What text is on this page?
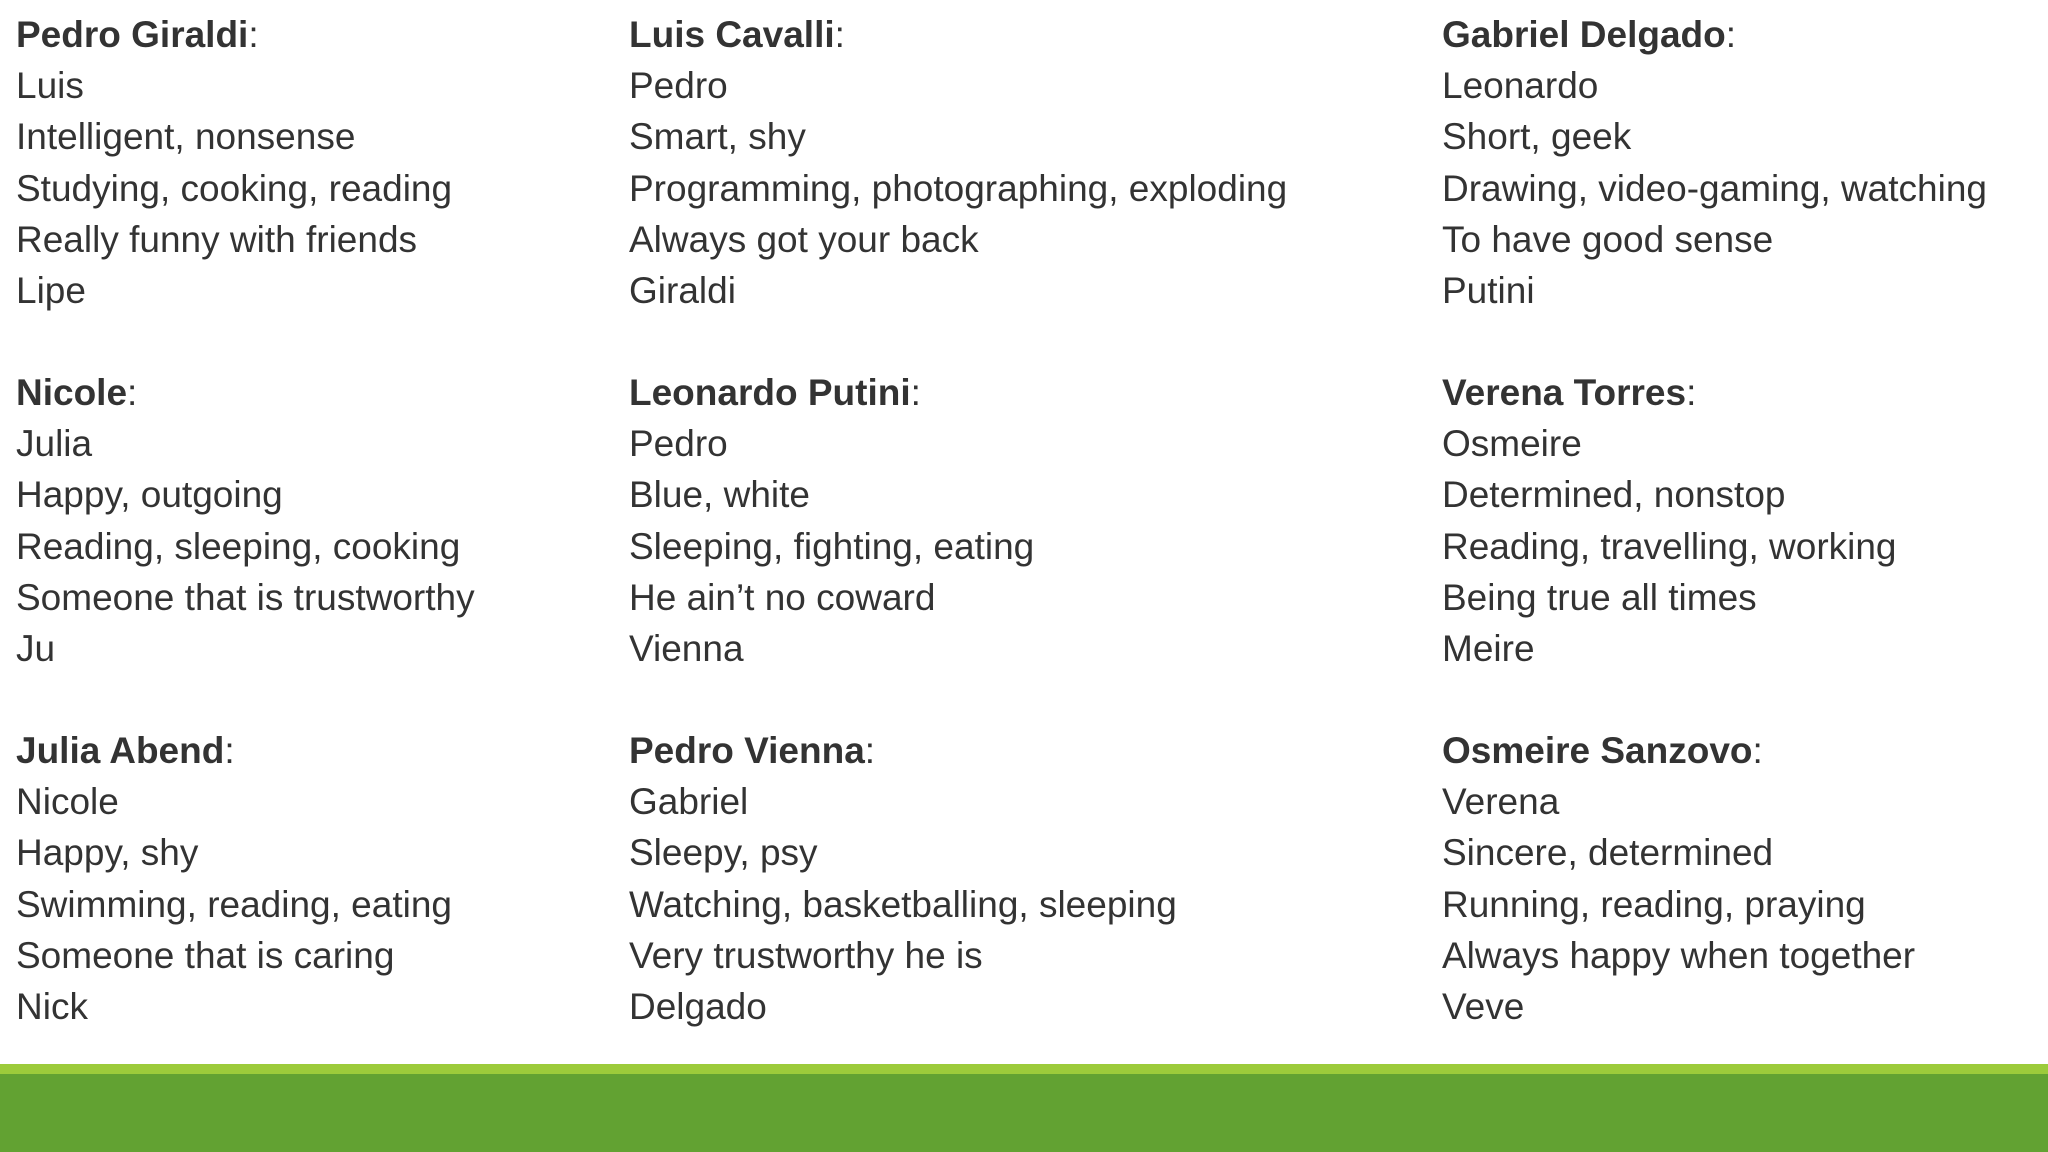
Pedro Giraldi:
Luis
Intelligent, nonsense
Studying, cooking, reading
Really funny with friends
Lipe
Nicole:
Julia
Happy, outgoing
Reading, sleeping, cooking
Someone that is trustworthy
Ju
Julia Abend:
Nicole
Happy, shy
Swimming, reading, eating
Someone that is caring
Nick
Luis Cavalli:
Pedro
Smart, shy
Programming, photographing, exploding
Always got your back
Giraldi
Leonardo Putini:
Pedro
Blue, white
Sleeping, fighting, eating
He ain’t no coward
Vienna
Pedro Vienna:
Gabriel
Sleepy, psy
Watching, basketballing, sleeping
Very trustworthy he is
Delgado
Gabriel Delgado:
Leonardo
Short, geek
Drawing, video-gaming, watching
To have good sense
Putini
Verena Torres:
Osmeire
Determined, nonstop
Reading, travelling, working
Being true all times
Meire
Osmeire Sanzovo:
Verena
Sincere, determined
Running, reading, praying
Always happy when together
Veve
